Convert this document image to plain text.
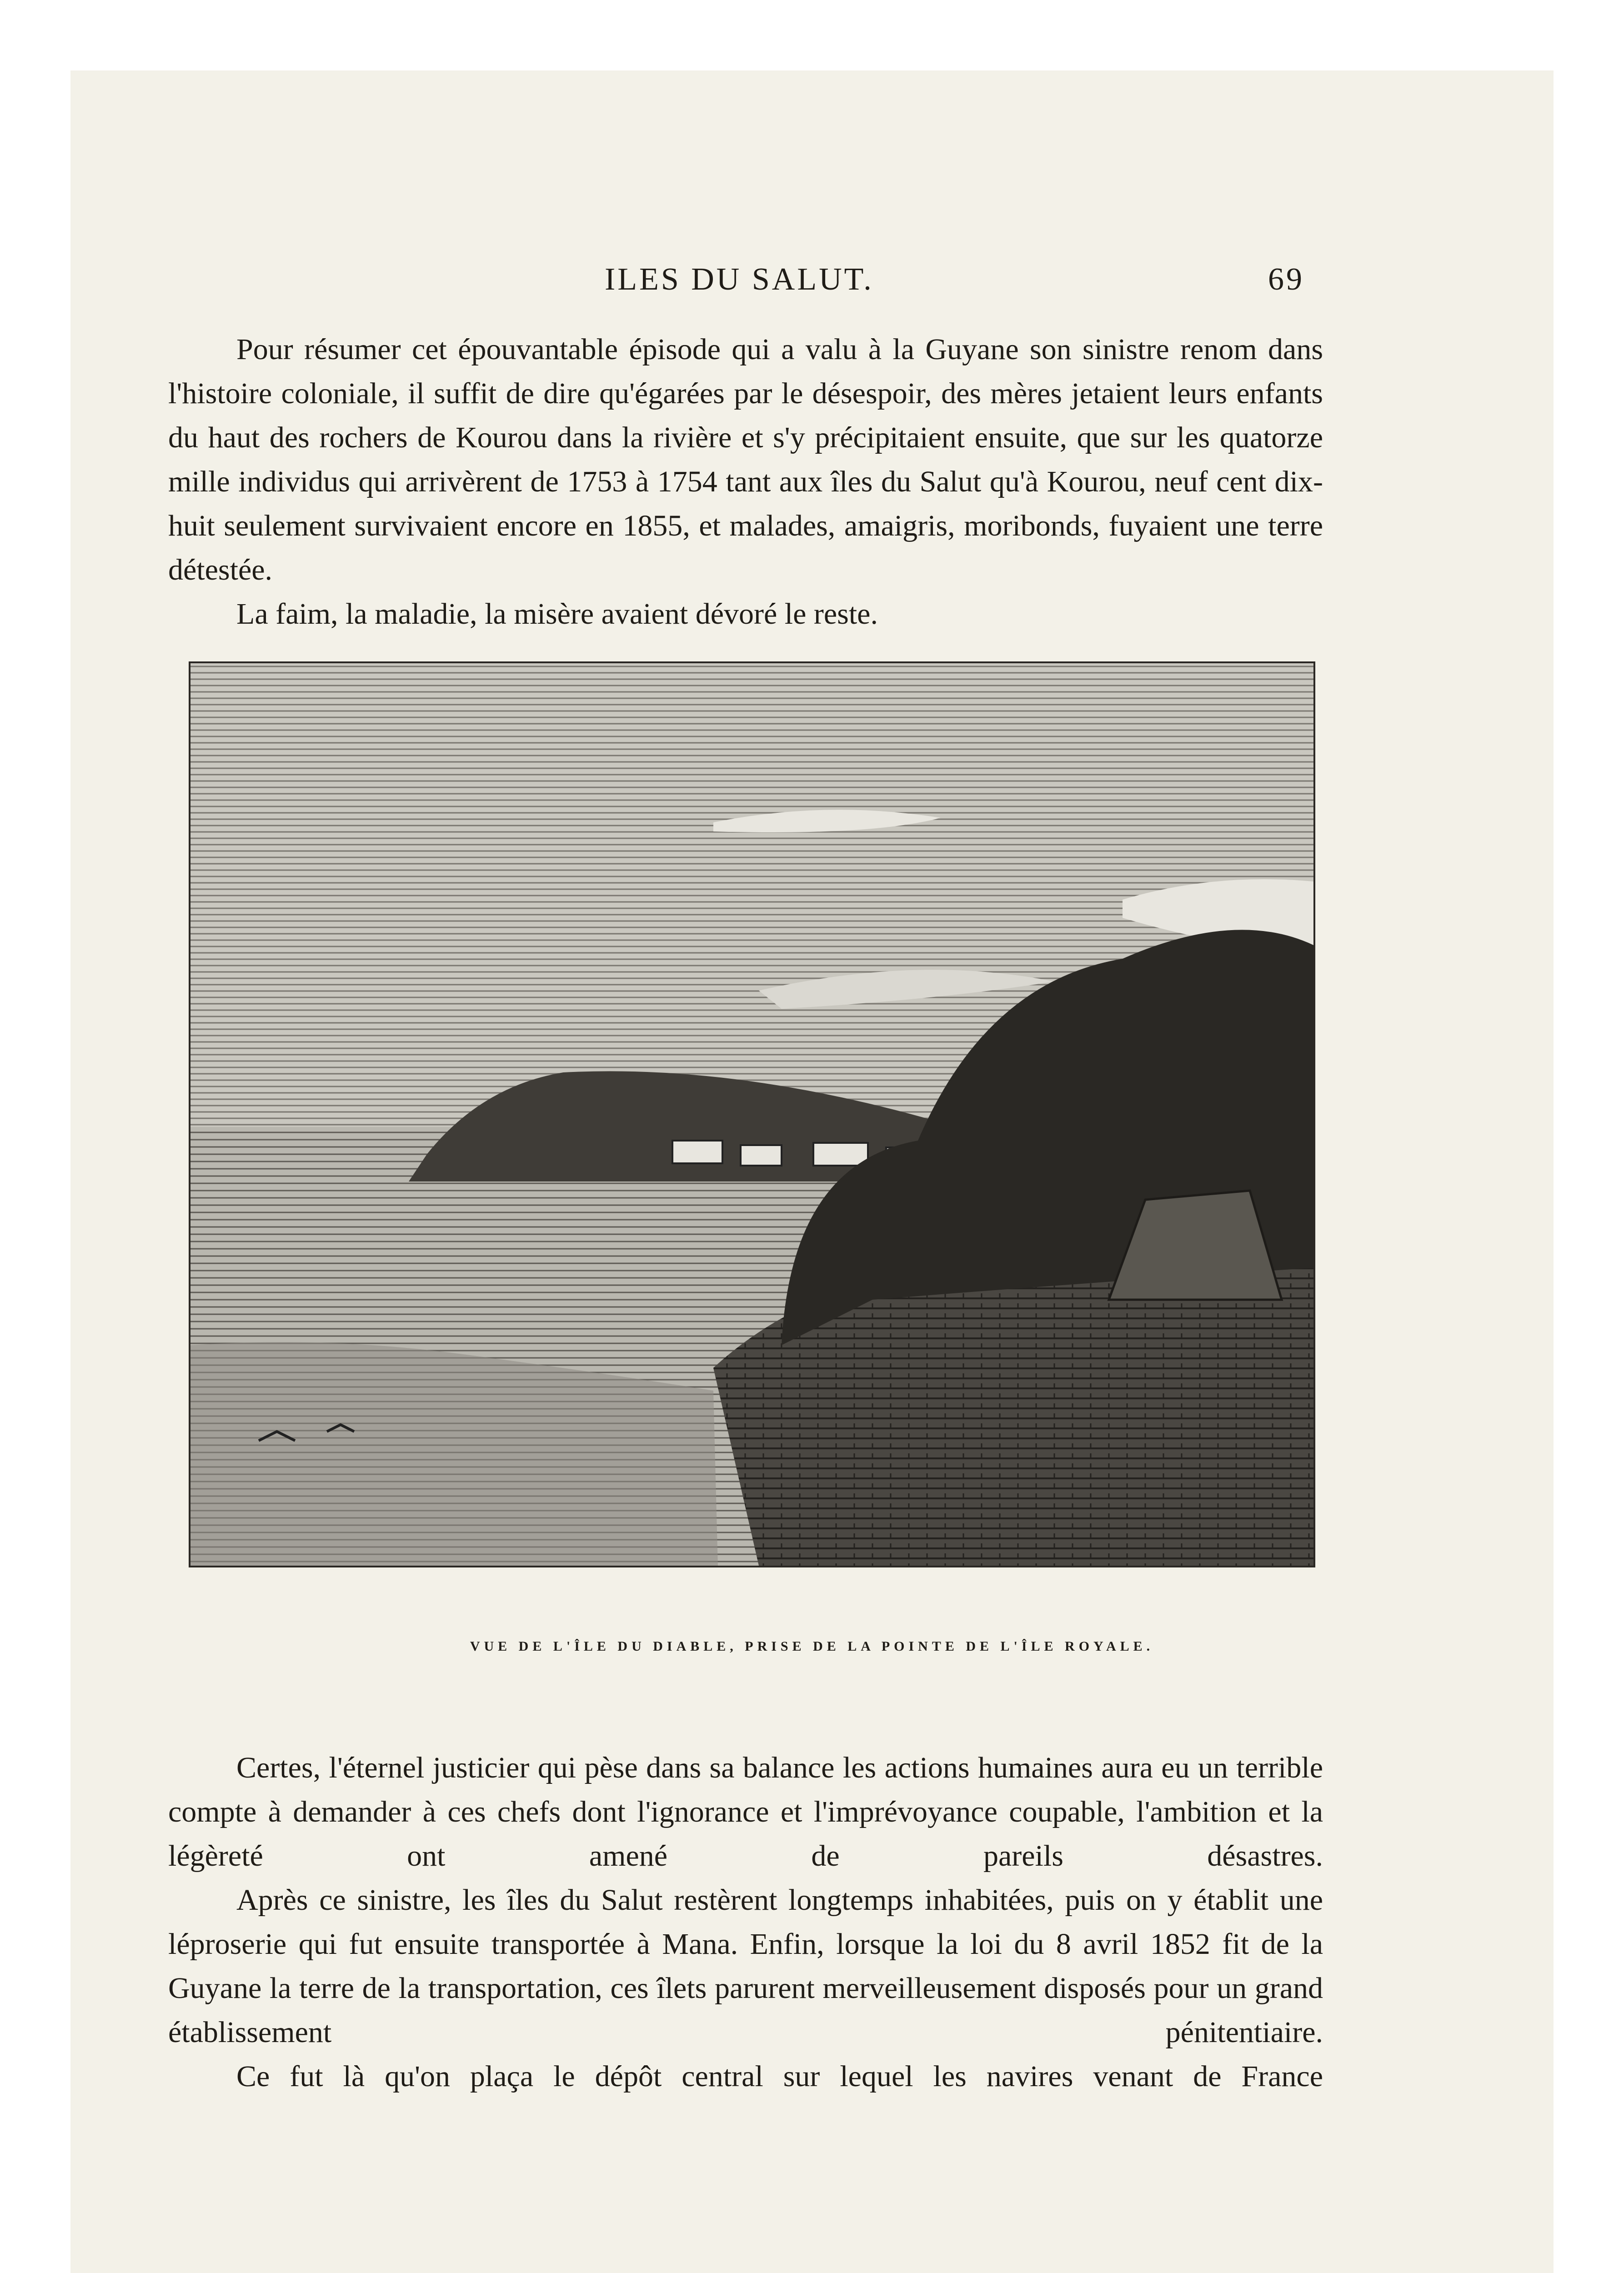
ILES DU SALUT.	69

Pour résumer cet épouvantable épisode qui a valu à la Guyane son sinistre renom dans l'histoire coloniale, il suffit de dire qu'égarées par le désespoir, des mères jetaient leurs enfants du haut des rochers de Kourou dans la rivière et s'y précipitaient ensuite, que sur les quatorze mille individus qui arrivèrent de 1753 à 1754 tant aux îles du Salut qu'à Kourou, neuf cent dix-huit seulement survivaient encore en 1855, et malades, amaigris, moribonds, fuyaient une terre détestée.

La faim, la maladie, la misère avaient dévoré le reste.

VUE DE L'ÎLE DU DIABLE, PRISE DE LA POINTE DE L'ÎLE ROYALE.

Certes, l'éternel justicier qui pèse dans sa balance les actions humaines aura eu un terrible compte à demander à ces chefs dont l'ignorance et l'imprévoyance coupable, l'ambition et la légèreté ont amené de pareils désastres.

Après ce sinistre, les îles du Salut restèrent longtemps inhabitées, puis on y établit une léproserie qui fut ensuite transportée à Mana. Enfin, lorsque la loi du 8 avril 1852 fit de la Guyane la terre de la transportation, ces îlets parurent merveilleusement disposés pour un grand établissement pénitentiaire.

Ce fut là qu'on plaça le dépôt central sur lequel les navires venant de France
